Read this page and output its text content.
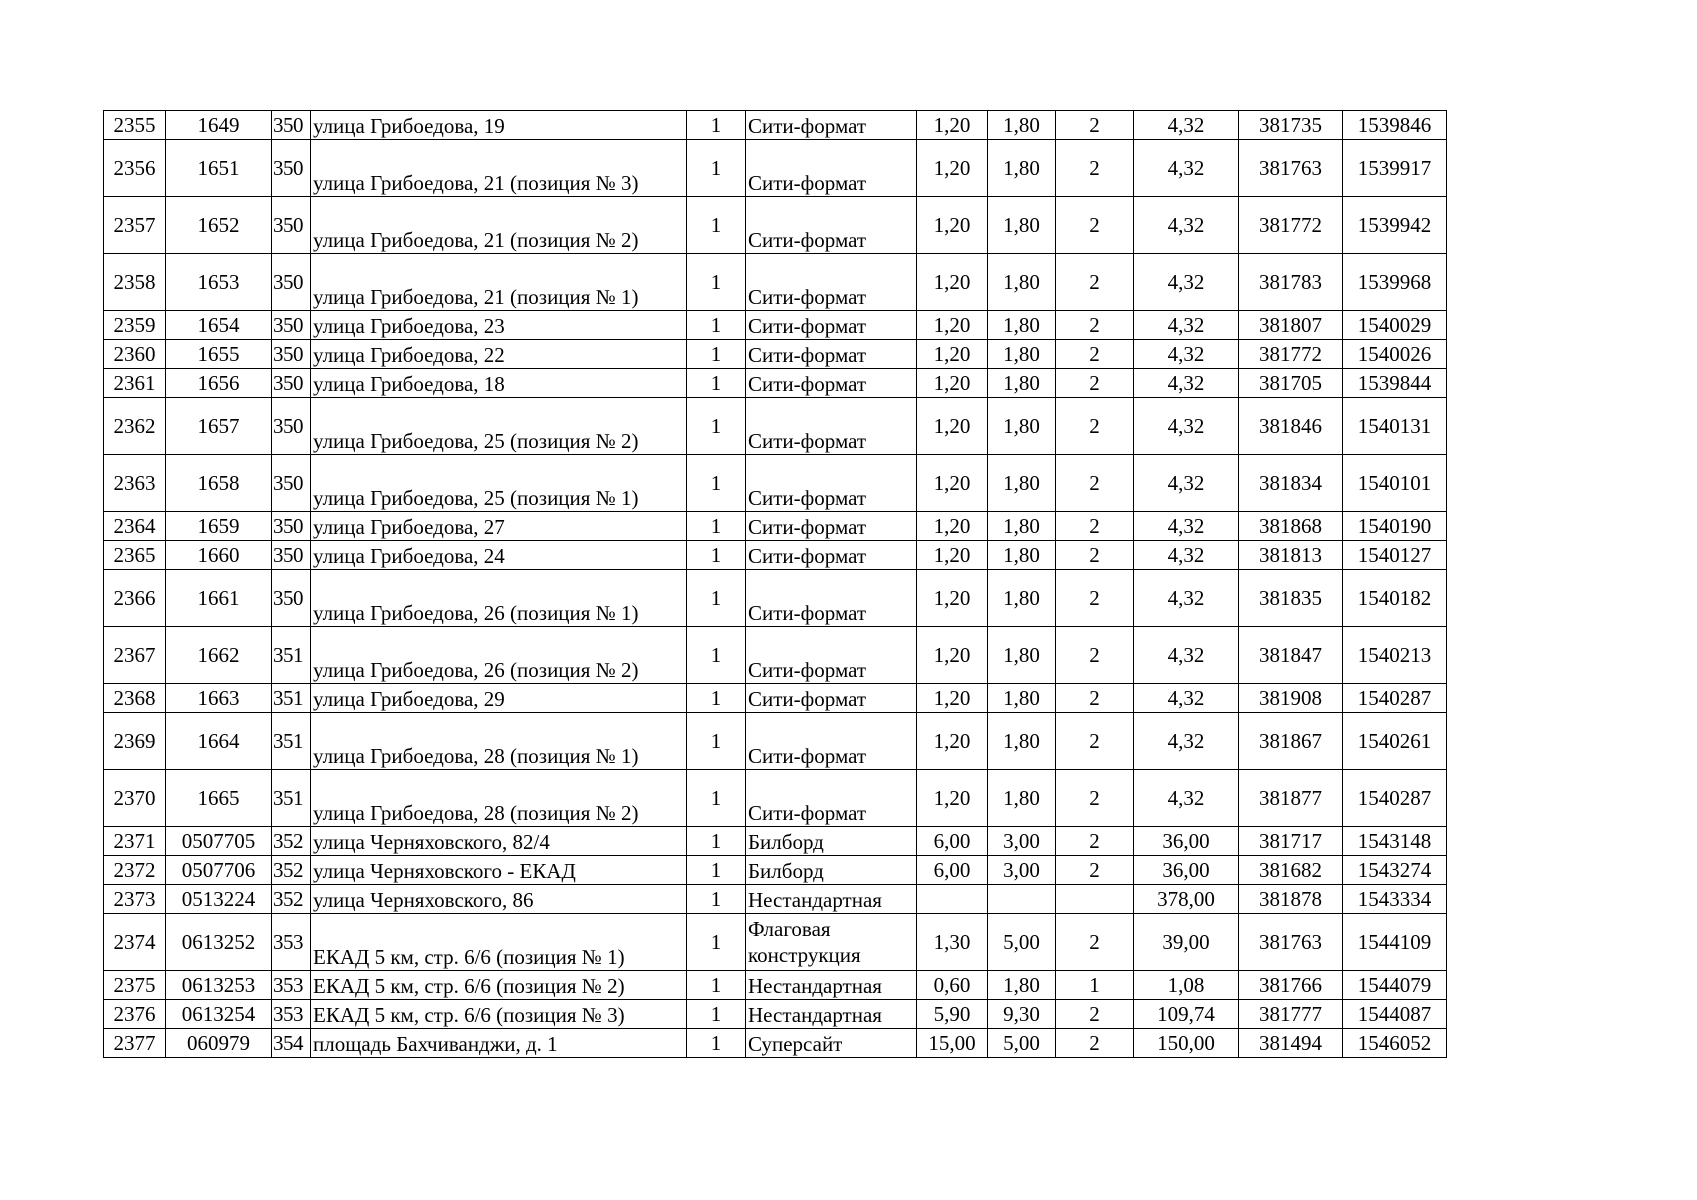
2355	1649	350	улица Грибоедова, 19	1	Сити-формат	1,20	1,80	2	4,32	381735	1539846
2356	1651	350	улица Грибоедова, 21 (позиция № 3)	1	Сити-формат	1,20	1,80	2	4,32	381763	1539917
2357	1652	350	улица Грибоедова, 21 (позиция № 2)	1	Сити-формат	1,20	1,80	2	4,32	381772	1539942
2358	1653	350	улица Грибоедова, 21 (позиция № 1)	1	Сити-формат	1,20	1,80	2	4,32	381783	1539968
2359	1654	350	улица Грибоедова, 23	1	Сити-формат	1,20	1,80	2	4,32	381807	1540029
2360	1655	350	улица Грибоедова, 22	1	Сити-формат	1,20	1,80	2	4,32	381772	1540026
2361	1656	350	улица Грибоедова, 18	1	Сити-формат	1,20	1,80	2	4,32	381705	1539844
2362	1657	350	улица Грибоедова, 25 (позиция № 2)	1	Сити-формат	1,20	1,80	2	4,32	381846	1540131
2363	1658	350	улица Грибоедова, 25 (позиция № 1)	1	Сити-формат	1,20	1,80	2	4,32	381834	1540101
2364	1659	350	улица Грибоедова, 27	1	Сити-формат	1,20	1,80	2	4,32	381868	1540190
2365	1660	350	улица Грибоедова, 24	1	Сити-формат	1,20	1,80	2	4,32	381813	1540127
2366	1661	350	улица Грибоедова, 26 (позиция № 1)	1	Сити-формат	1,20	1,80	2	4,32	381835	1540182
2367	1662	351	улица Грибоедова, 26 (позиция № 2)	1	Сити-формат	1,20	1,80	2	4,32	381847	1540213
2368	1663	351	улица Грибоедова, 29	1	Сити-формат	1,20	1,80	2	4,32	381908	1540287
2369	1664	351	улица Грибоедова, 28 (позиция № 1)	1	Сити-формат	1,20	1,80	2	4,32	381867	1540261
2370	1665	351	улица Грибоедова, 28 (позиция № 2)	1	Сити-формат	1,20	1,80	2	4,32	381877	1540287
2371	0507705	352	улица Черняховского, 82/4	1	Билборд	6,00	3,00	2	36,00	381717	1543148
2372	0507706	352	улица Черняховского - ЕКАД	1	Билборд	6,00	3,00	2	36,00	381682	1543274
2373	0513224	352	улица Черняховского, 86	1	Нестандартная				378,00	381878	1543334
2374	0613252	353	ЕКАД 5 км, стр. 6/6 (позиция № 1)	1	Флаговая конструкция	1,30	5,00	2	39,00	381763	1544109
2375	0613253	353	ЕКАД 5 км, стр. 6/6 (позиция № 2)	1	Нестандартная	0,60	1,80	1	1,08	381766	1544079
2376	0613254	353	ЕКАД 5 км, стр. 6/6 (позиция № 3)	1	Нестандартная	5,90	9,30	2	109,74	381777	1544087
2377	060979	354	площадь Бахчиванджи, д. 1	1	Суперсайт	15,00	5,00	2	150,00	381494	1546052
